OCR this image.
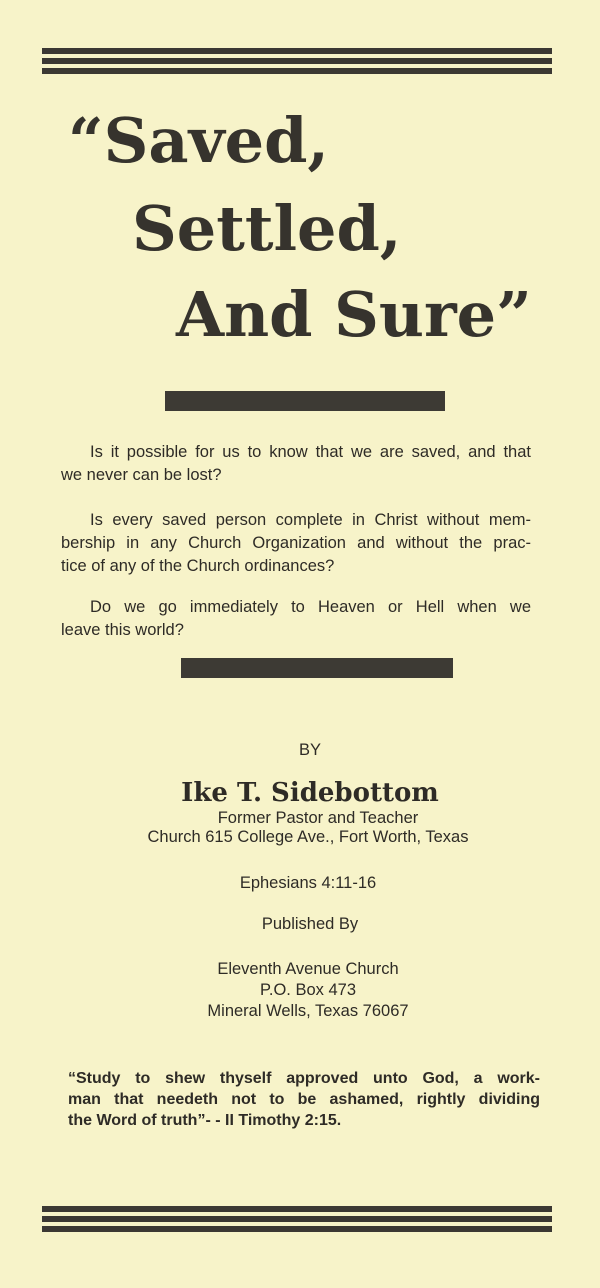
“Saved,
Settled,
And Sure”

Is it possible for us to know that we are saved, and that
we never can be lost?

Is every saved person complete in Christ without mem-
bership in any Church Organization and without the prac-
tice of any of the Church ordinances?

Do we go immediately to Heaven or Hell when we
leave this world?

BY

Ike T. Sidebottom

Former Pastor and Teacher

Church 615 College Ave., Fort Worth, Texas

Ephesians 4:11-16

Published By

Eleventh Avenue Church
P.O. Box 473
Mineral Wells, Texas 76067

“Study to shew thyself approved unto God, a work-
man that needeth not to be ashamed, rightly dividing
the Word of truth”- - II Timothy 2:15.
